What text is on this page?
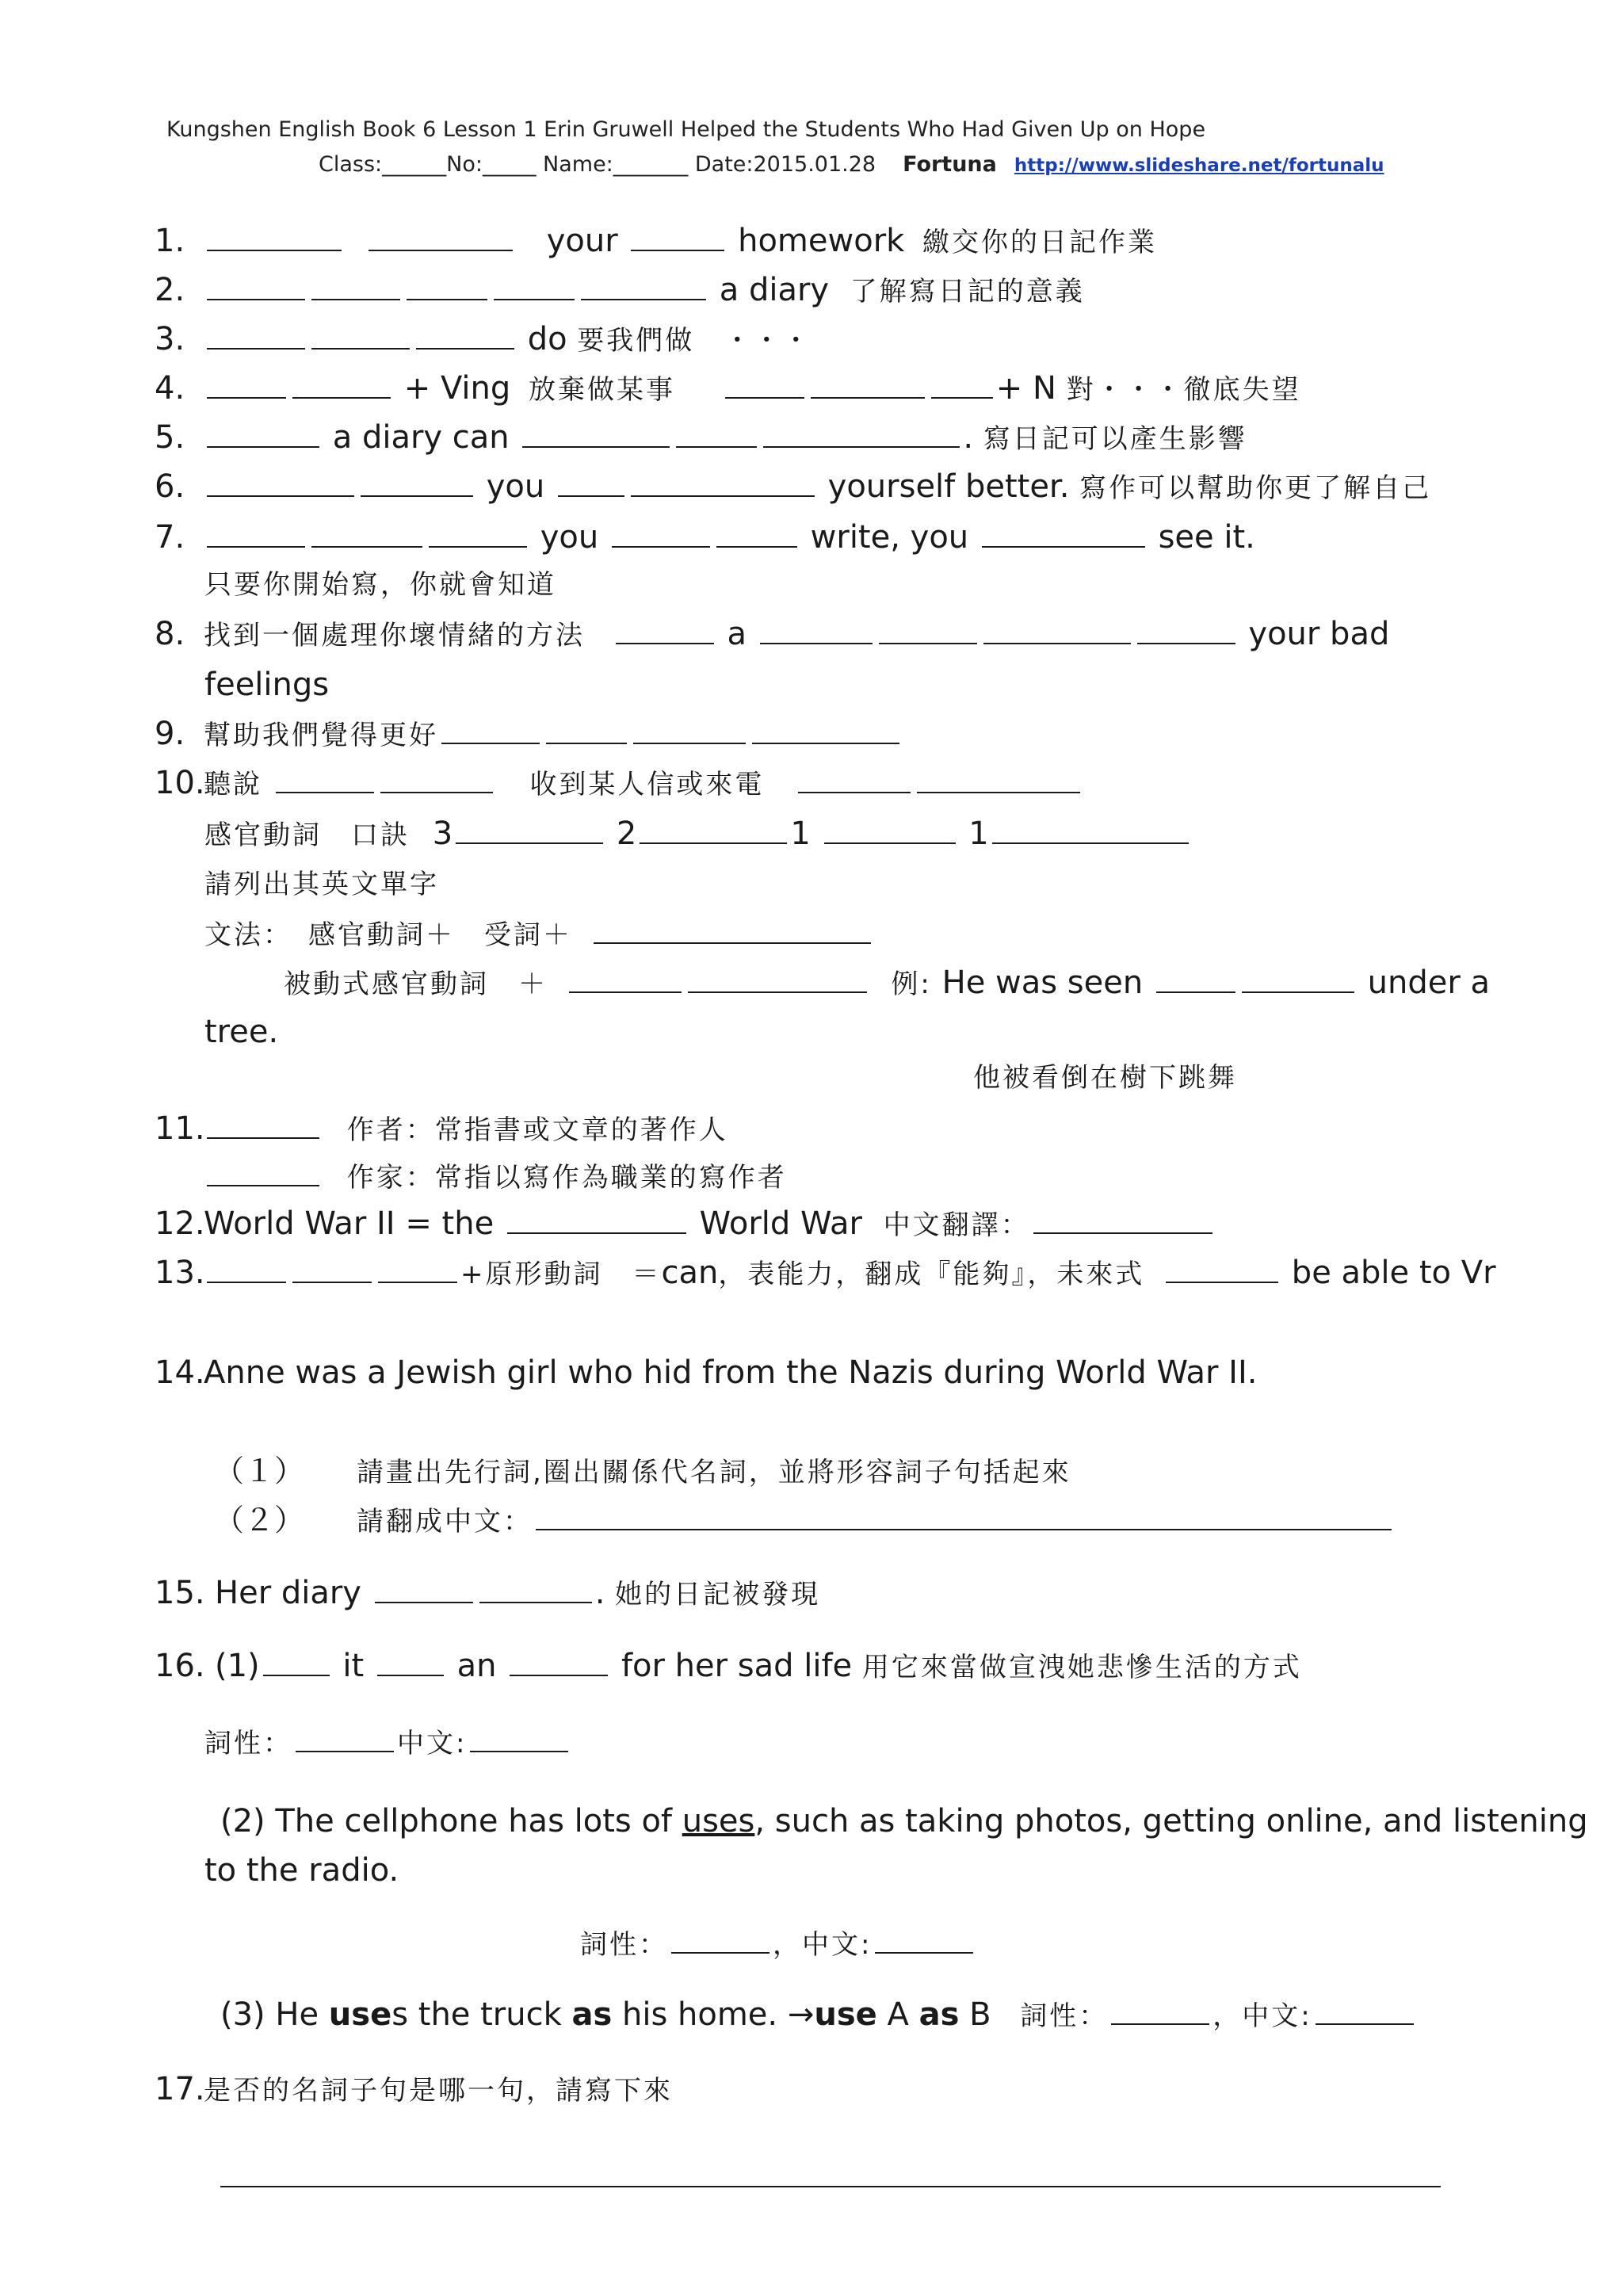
Kungshen English Book 6 Lesson 1 Erin Gruwell Helped the Students Who Had Given Up on Hope
Class:______No:_____ Name:_______ Date:2015.01.28 Fortuna http://www.slideshare.net/fortunalu
1.	your	homework 繳交你的日記作業
2.	a diary 了解寫日記的意義
3.	do 要我們做　・・・
4.	+ Ving 放棄做某事	+ N 對・・・徹底失望
5.	a diary can	. 寫日記可以產生影響
6.	you	yourself better. 寫作可以幫助你更了解自己
7.	you	write, you	see it.
只要你開始寫，你就會知道
8. 找到一個處理你壞情緒的方法	a	your bad
feelings
9. 幫助我們覺得更好
10.聽說	收到某人信或來電
感官動詞　口訣 3	2	1	1
請列出其英文單字
文法：　感官動詞＋　受詞＋
被動式感官動詞　＋	例: He was seen	under a
tree.
他被看倒在樹下跳舞
11.	作者：常指書或文章的著作人
作家：常指以寫作為職業的寫作者
12.World War II = the	World War 中文翻譯：
13.	+原形動詞　＝can，表能力，翻成『能夠』，未來式	be able to Vr
14.Anne was a Jewish girl who hid from the Nazis during World War II.
（１） 請畫出先行詞,圈出關係代名詞，並將形容詞子句括起來
（２） 請翻成中文：
15. Her diary	. 她的日記被發現
16. (1)	it	an	for her sad life 用它來當做宣洩她悲慘生活的方式
詞性：	中文:
(2) The cellphone has lots of uses, such as taking photos, getting online, and listening
to the radio.
詞性：	，中文:
(3) He uses the truck as his home. →use A as B 詞性：	，中文:
17.是否的名詞子句是哪一句，請寫下來
